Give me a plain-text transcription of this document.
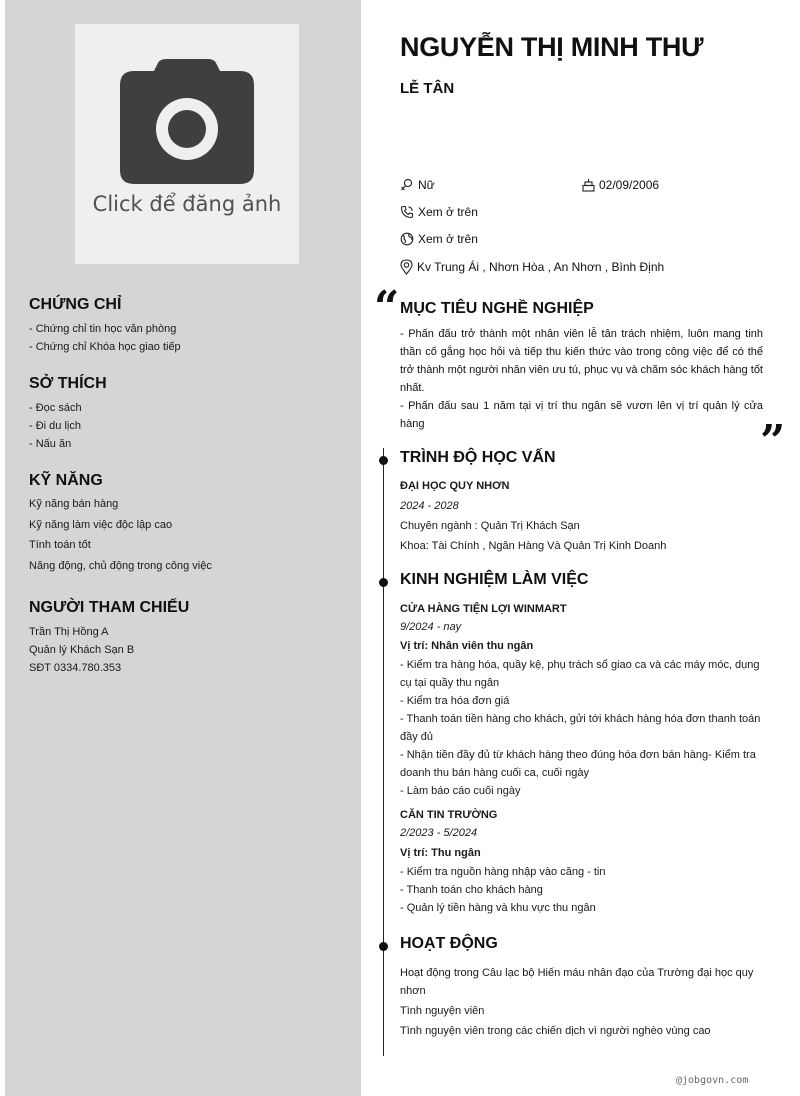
Click để đăng ảnh
CHỨNG CHỈ
- Chứng chỉ tin học văn phòng
- Chứng chỉ Khóa học giao tiếp
SỞ THÍCH
- Đọc sách
- Đi du lịch
- Nấu ăn
KỸ NĂNG
Kỹ năng bán hàng
Kỹ năng làm việc độc lập cao
Tính toán tốt
Năng động, chủ động trong công việc
NGƯỜI THAM CHIẾU
Trần Thị Hồng A
Quản lý Khách Sạn B
SĐT 0334.780.353
NGUYỄN THỊ MINH THƯ
LỄ TÂN
Nữ	02/09/2006
Xem ở trên
Xem ở trên
Kv Trung Ái , Nhơn Hòa , An Nhơn , Bình Định
“ MỤC TIÊU NGHỀ NGHIỆP
- Phấn đấu trở thành một nhân viên lễ tân trách nhiệm, luôn mang tinh thần cố gắng học hỏi và tiếp thu kiến thức vào trong công việc để có thể trở thành một người nhân viên ưu tú, phục vụ và chăm sóc khách hàng tốt nhất.
- Phấn đấu sau 1 năm tại vị trí thu ngân sẽ vươn lên vị trí quản lý cửa hàng	”
TRÌNH ĐỘ HỌC VẤN
ĐẠI HỌC QUY NHƠN
2024 - 2028
Chuyên ngành : Quản Trị Khách Sạn
Khoa: Tài Chính , Ngân Hàng Và Quản Trị Kinh Doanh
KINH NGHIỆM LÀM VIỆC
CỬA HÀNG TIỆN LỢI WINMART
9/2024 - nay
Vị trí: Nhân viên thu ngân
- Kiểm tra hàng hóa, quầy kệ, phụ trách sổ giao ca và các máy móc, dụng cụ tại quầy thu ngân
- Kiểm tra hóa đơn giá
- Thanh toán tiền hàng cho khách, gửi tới khách hàng hóa đơn thanh toán đầy đủ
- Nhận tiền đầy đủ từ khách hàng theo đúng hóa đơn bán hàng- Kiểm tra doanh thu bán hàng cuối ca, cuối ngày
- Làm báo cáo cuối ngày
CĂN TIN TRƯỜNG
2/2023 - 5/2024
Vị trí: Thu ngân
- Kiểm tra nguồn hàng nhập vào căng - tin
- Thanh toán cho khách hàng
- Quản lý tiền hàng và khu vực thu ngân
HOẠT ĐỘNG
Hoạt động trong Câu lạc bộ Hiến máu nhân đạo của Trường đại học quy nhơn
Tình nguyện viên
Tình nguyện viên trong các chiến dịch vì người nghèo vùng cao
@jobgovn.com
